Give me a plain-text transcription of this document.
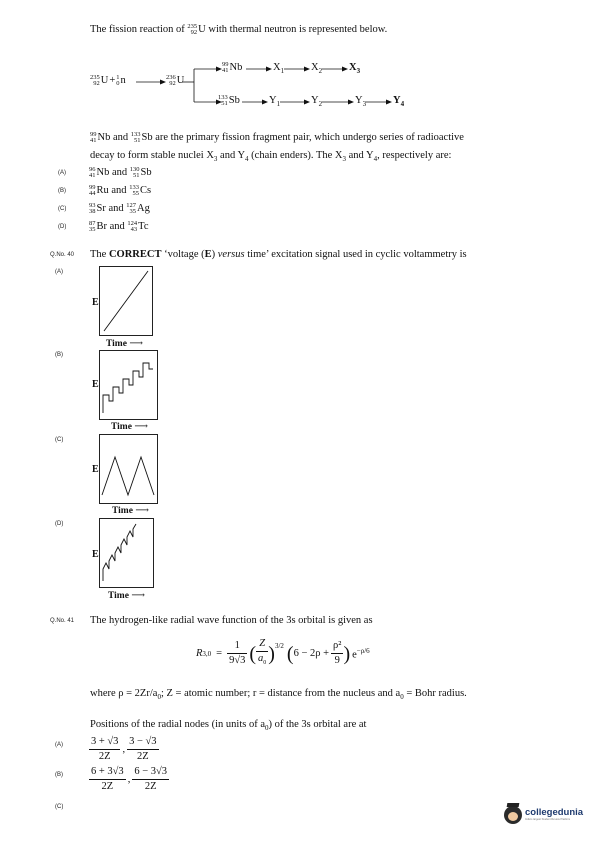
The fission reaction of 235
92 U with thermal neutron is represented below.
235
92 U+ 1
0 n	236
92 U
99
41 Nb	$X_1$	$X_2$	$X_3$
133
51 Sb	$Y_1$	$Y_2$	$Y_3$	$Y_4$
99
41 Nb and 133
51 Sb are the primary fission fragment pair, which undergo series of radioactive
decay to form stable nuclei $X_3$ and $Y_4$ (chain enders). The $X_3$ and $Y_4$, respectively are:
(A)	96
41 Nb
and
130
51 Sb
(B)	99
44 Ru
and
133
55 Cs
(C)	93
38 Sr
and
127
35 Ag
(D)	87
35 Br
and
124
43 Tc
Q.No. 40 The CORRECT ‘voltage (E) versus time’ excitation signal used in cyclic voltammetry is
(A)
E
Time ⟶
(B)
E
Time ⟶
(C)
E
Time ⟶
(D)
E
Time ⟶
Q.No. 41 The hydrogen-like radial wave function of the 3s orbital is given as
R $3,0 = \frac{1}{9√3}$ ( $\frac{Z}{a_0} )^{3/2}$ ( $6 - 2\rho + \frac{\text{ρ²}}{9}$ ) $e^{-\rho/6}$
where $\rho = 2Zr/a_0$; Z = atomic number; r = distance from the nucleus and $a_0$ = Bohr radius.
Positions of the radial nodes (in units of $a_0$) of the 3s orbital are at
$(A) \frac{3 + √3}{2Z}$ , $\frac{3 - √3}{2Z}$
$(B) \frac{6 + 3√3}{2Z}$ , $\frac{6 - 3√3}{2Z}$
(C)	collegedunia
India's largest Student Review Platform
